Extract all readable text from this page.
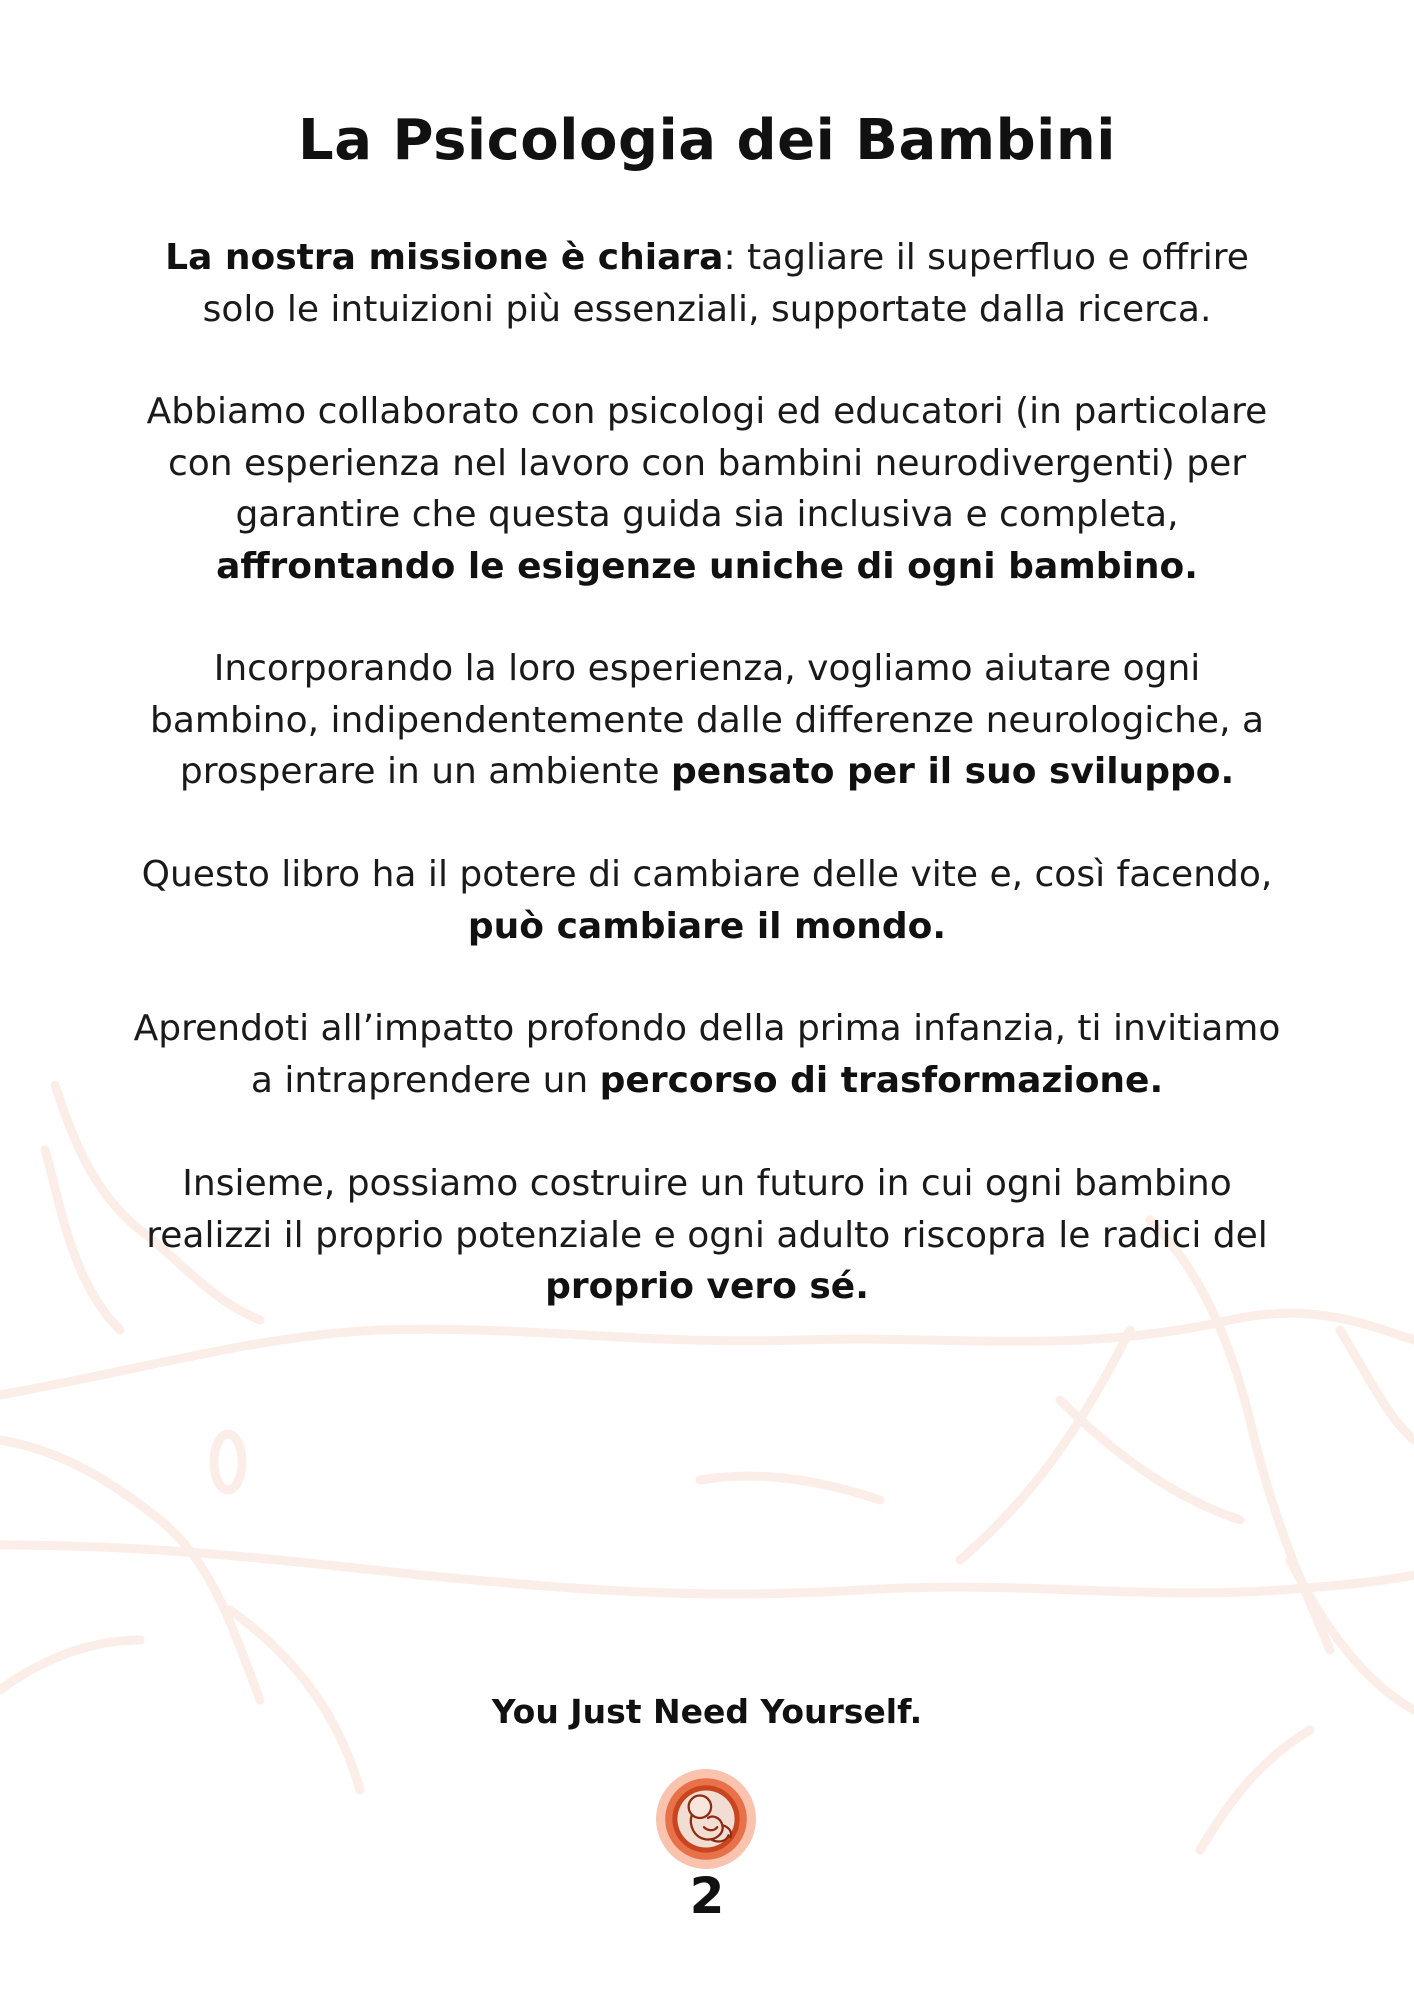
La Psicologia dei Bambini

La nostra missione è chiara: tagliare il superfluo e offrire solo le intuizioni più essenziali, supportate dalla ricerca.

Abbiamo collaborato con psicologi ed educatori (in particolare con esperienza nel lavoro con bambini neurodivergenti) per garantire che questa guida sia inclusiva e completa,
affrontando le esigenze uniche di ogni bambino.

Incorporando la loro esperienza, vogliamo aiutare ogni bambino, indipendentemente dalle differenze neurologiche, a prosperare in un ambiente pensato per il suo sviluppo.

Questo libro ha il potere di cambiare delle vite e, così facendo,
può cambiare il mondo.

Aprendoti all’impatto profondo della prima infanzia, ti invitiamo a intraprendere un percorso di trasformazione.

Insieme, possiamo costruire un futuro in cui ogni bambino realizzi il proprio potenziale e ogni adulto riscopra le radici del proprio vero sé.

You Just Need Yourself.

2
